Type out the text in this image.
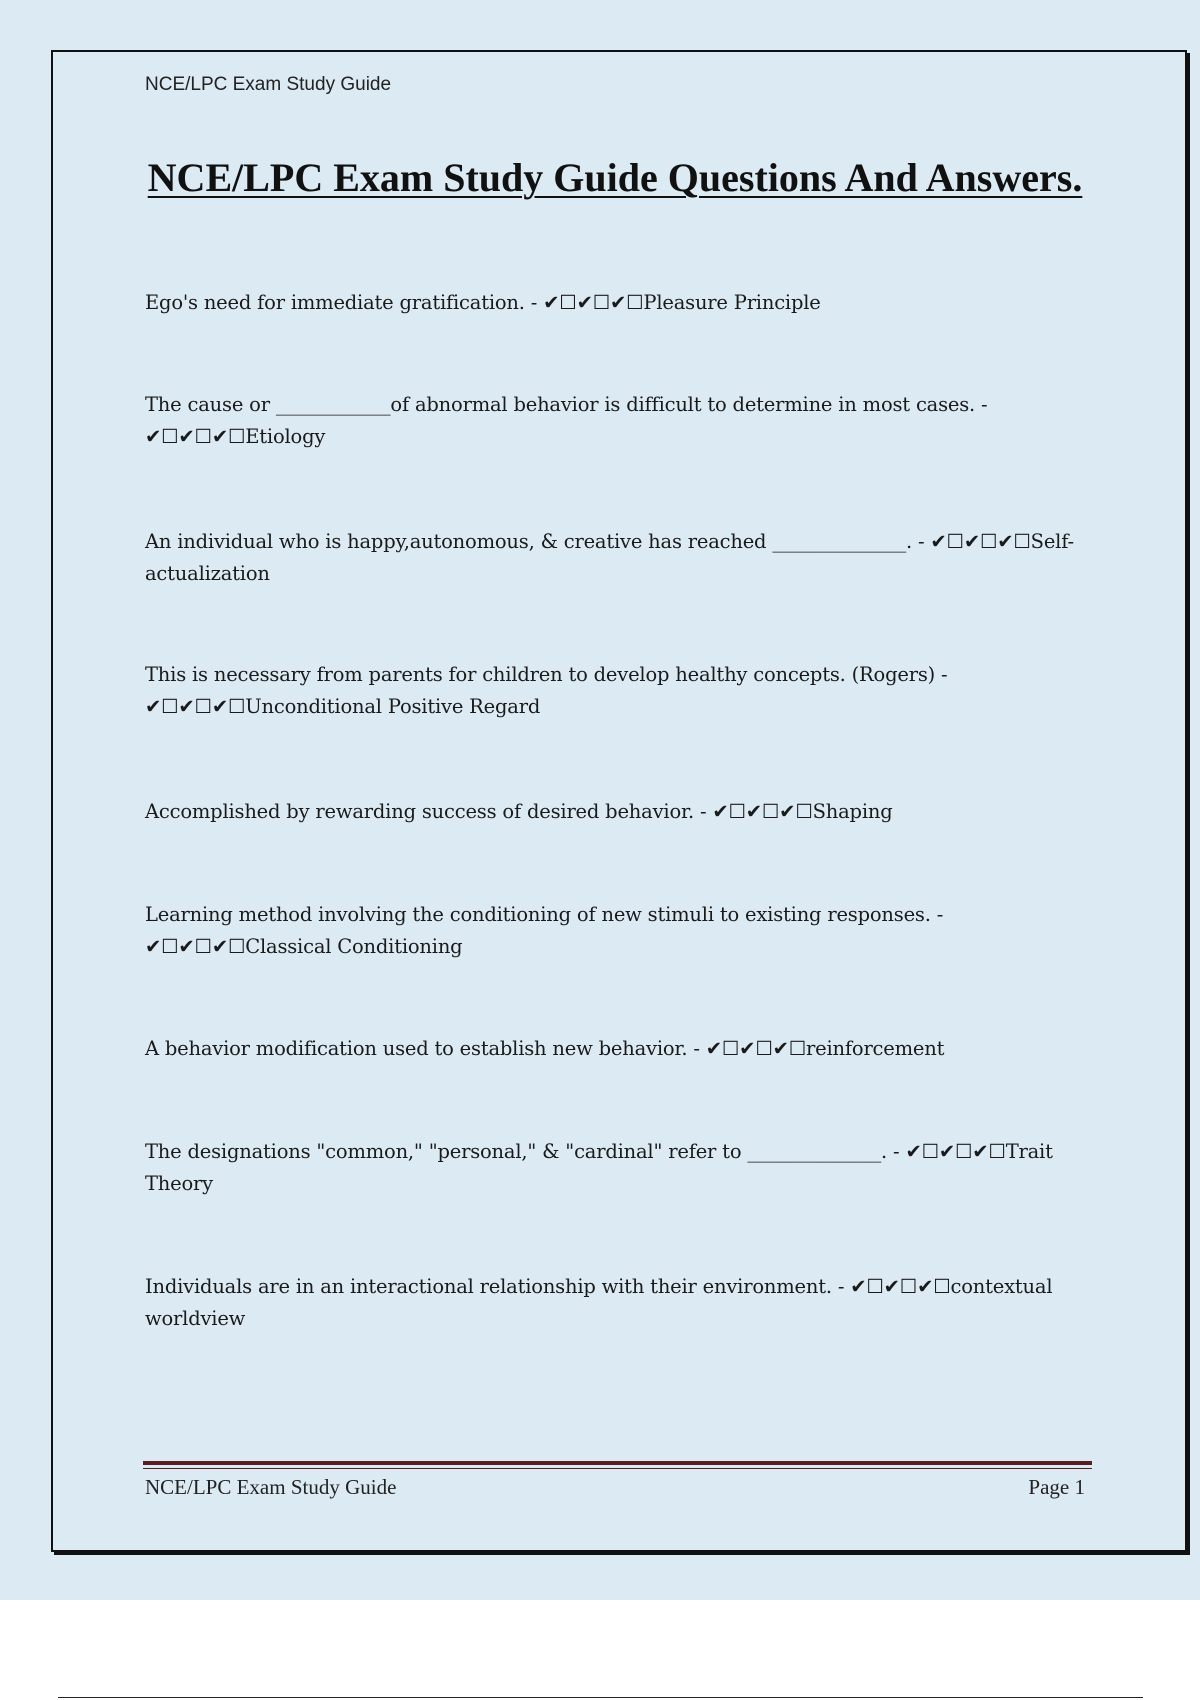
NCE/LPC Exam Study Guide
NCE/LPC Exam Study Guide Questions And Answers.

Ego's need for immediate gratification. - ✔☐✔☐✔☐Pleasure Principle

The cause or ____________of abnormal behavior is difficult to determine in most cases. - ✔☐✔☐✔☐Etiology

An individual who is happy,autonomous, & creative has reached ______________. - ✔☐✔☐✔☐Self-actualization

This is necessary from parents for children to develop healthy concepts. (Rogers) - ✔☐✔☐✔☐Unconditional Positive Regard

Accomplished by rewarding success of desired behavior. - ✔☐✔☐✔☐Shaping

Learning method involving the conditioning of new stimuli to existing responses. - ✔☐✔☐✔☐Classical Conditioning

A behavior modification used to establish new behavior. - ✔☐✔☐✔☐reinforcement

The designations "common," "personal," & "cardinal" refer to ______________. - ✔☐✔☐✔☐Trait Theory

Individuals are in an interactional relationship with their environment. - ✔☐✔☐✔☐contextual worldview

NCE/LPC Exam Study Guide	Page 1
